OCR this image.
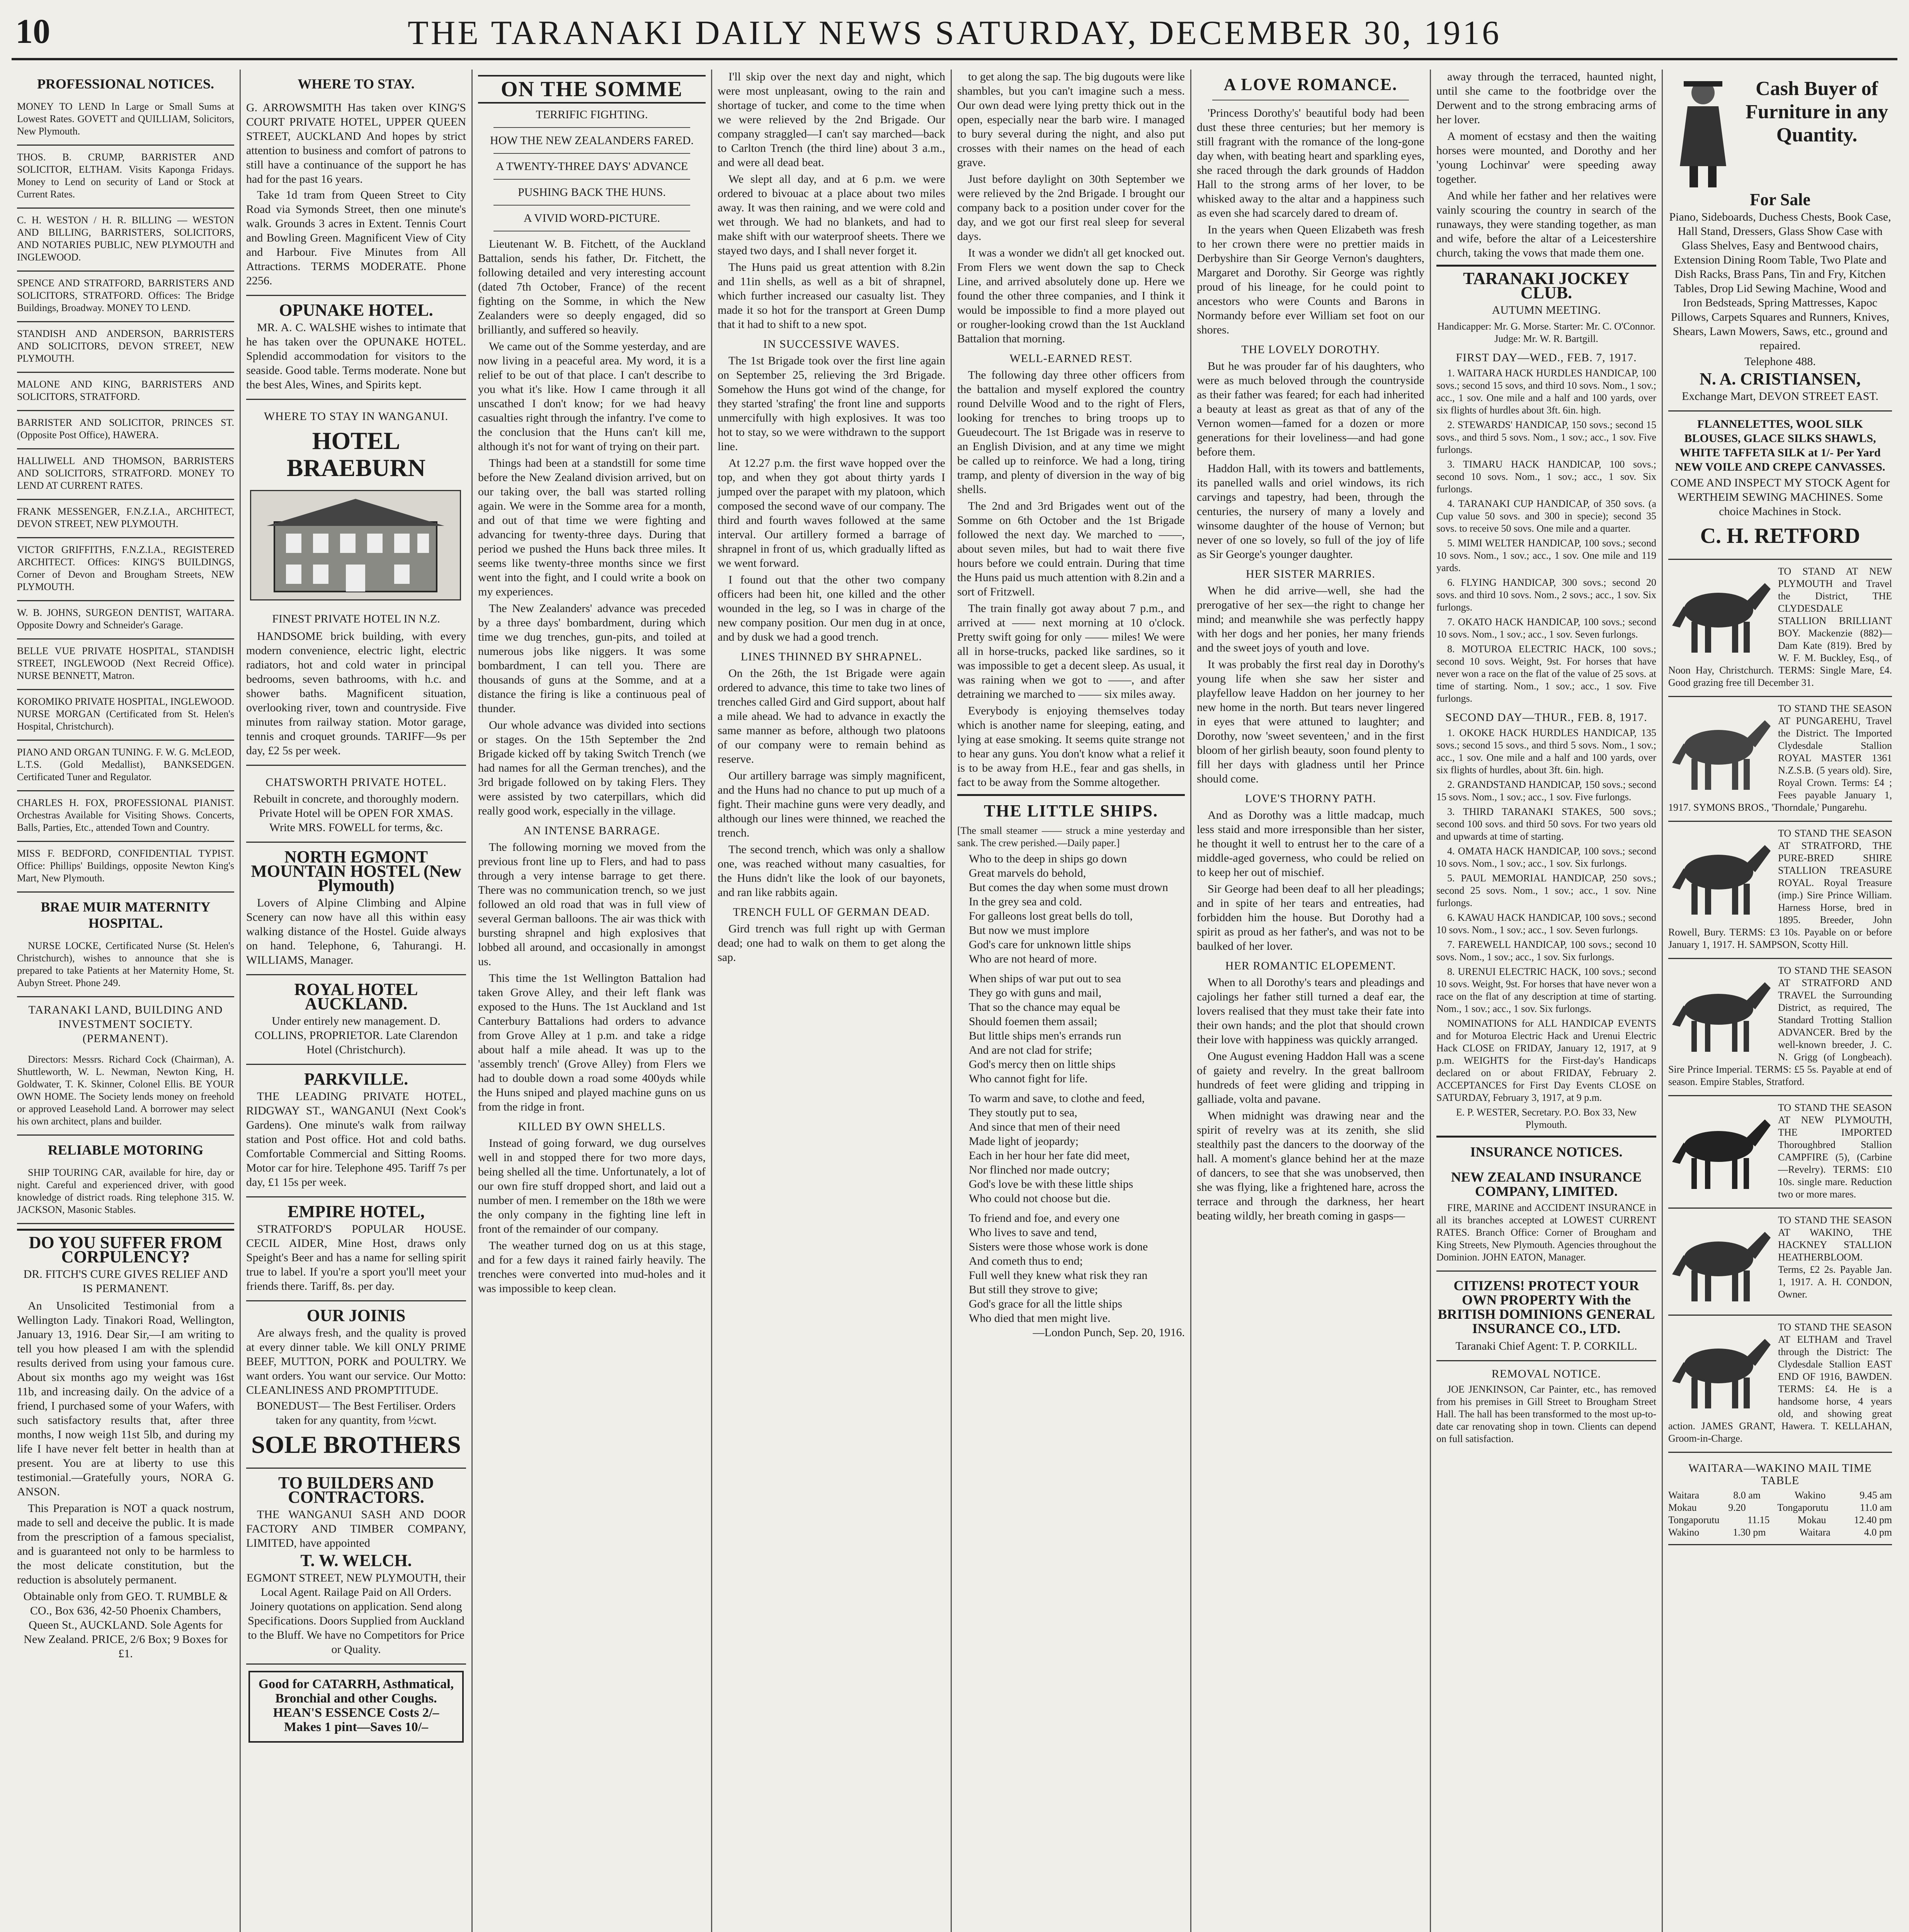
10	THE TARANAKI DAILY NEWS SATURDAY, DECEMBER 30, 1916
PROFESSIONAL NOTICES.

MONEY TO LEND In Large or Small Sums at Lowest Rates. GOVETT and QUILLIAM, Solicitors, New Plymouth.

THOS. B. CRUMP, BARRISTER AND SOLICITOR, ELTHAM. Visits Kaponga Fridays. Money to Lend on security of Land or Stock at Current Rates.

C. H. WESTON / H. R. BILLING — WESTON AND BILLING, BARRISTERS, SOLICITORS, AND NOTARIES PUBLIC, NEW PLYMOUTH and INGLEWOOD.

SPENCE AND STRATFORD, BARRISTERS AND SOLICITORS, STRATFORD. Offices: The Bridge Buildings, Broadway. MONEY TO LEND.

STANDISH AND ANDERSON, BARRISTERS AND SOLICITORS, DEVON STREET, NEW PLYMOUTH.

MALONE AND KING, BARRISTERS AND SOLICITORS, STRATFORD.

BARRISTER AND SOLICITOR, PRINCES ST. (Opposite Post Office), HAWERA.

HALLIWELL AND THOMSON, BARRISTERS AND SOLICITORS, STRATFORD. MONEY TO LEND AT CURRENT RATES.

FRANK MESSENGER, F.N.Z.I.A., ARCHITECT, DEVON STREET, NEW PLYMOUTH.

VICTOR GRIFFITHS, F.N.Z.I.A., REGISTERED ARCHITECT. Offices: KING'S BUILDINGS, Corner of Devon and Brougham Streets, NEW PLYMOUTH.

W. B. JOHNS, SURGEON DENTIST, WAITARA. Opposite Dowry and Schneider's Garage.

BELLE VUE PRIVATE HOSPITAL, STANDISH STREET, INGLEWOOD (Next Recreid Office). NURSE BENNETT, Matron.

KOROMIKO PRIVATE HOSPITAL, INGLEWOOD. NURSE MORGAN (Certificated from St. Helen's Hospital, Christchurch).

PIANO AND ORGAN TUNING. F. W. G. McLEOD, L.T.S. (Gold Medallist), BANKSEDGEN. Certificated Tuner and Regulator.

CHARLES H. FOX, PROFESSIONAL PIANIST. Orchestras Available for Visiting Shows. Concerts, Balls, Parties, Etc., attended Town and Country.

MISS F. BEDFORD, CONFIDENTIAL TYPIST. Office: Phillips' Buildings, opposite Newton King's Mart, New Plymouth.

BRAE MUIR MATERNITY HOSPITAL.

NURSE LOCKE, Certificated Nurse (St. Helen's Christchurch), wishes to announce that she is prepared to take Patients at her Maternity Home, St. Aubyn Street. Phone 249.

TARANAKI LAND, BUILDING AND INVESTMENT SOCIETY. (PERMANENT).

Directors: Messrs. Richard Cock (Chairman), A. Shuttleworth, W. L. Newman, Newton King, H. Goldwater, T. K. Skinner, Colonel Ellis. BE YOUR OWN HOME. The Society lends money on freehold or approved Leasehold Land. A borrower may select his own architect, plans and builder.

RELIABLE MOTORING

SHIP TOURING CAR, available for hire, day or night. Careful and experienced driver, with good knowledge of district roads. Ring telephone 315. W. JACKSON, Masonic Stables.

DO YOU SUFFER FROM CORPULENCY?
DR. FITCH'S CURE GIVES RELIEF AND IS PERMANENT.

An Unsolicited Testimonial from a Wellington Lady. Tinakori Road, Wellington, January 13, 1916. Dear Sir,—I am writing to tell you how pleased I am with the splendid results derived from using your famous cure. About six months ago my weight was 16st 11b, and increasing daily. On the advice of a friend, I purchased some of your Wafers, with such satisfactory results that, after three months, I now weigh 11st 5lb, and during my life I have never felt better in health than at present. You are at liberty to use this testimonial.—Gratefully yours, NORA G. ANSON.

This Preparation is NOT a quack nostrum, made to sell and deceive the public. It is made from the prescription of a famous specialist, and is guaranteed not only to be harmless to the most delicate constitution, but the reduction is absolutely permanent.

Obtainable only from GEO. T. RUMBLE & CO., Box 636, 42-50 Phoenix Chambers, Queen St., AUCKLAND. Sole Agents for New Zealand. PRICE, 2/6 Box; 9 Boxes for £1.

WHERE TO STAY.

G. ARROWSMITH Has taken over KING'S COURT PRIVATE HOTEL, UPPER QUEEN STREET, AUCKLAND And hopes by strict attention to business and comfort of patrons to still have a continuance of the support he has had for the past 16 years.

Take 1d tram from Queen Street to City Road via Symonds Street, then one minute's walk. Grounds 3 acres in Extent. Tennis Court and Bowling Green. Magnificent View of City and Harbour. Five Minutes from All Attractions. TERMS MODERATE. Phone 2256.

OPUNAKE HOTEL.

MR. A. C. WALSHE wishes to intimate that he has taken over the OPUNAKE HOTEL. Splendid accommodation for visitors to the seaside. Good table. Terms moderate. None but the best Ales, Wines, and Spirits kept.

WHERE TO STAY IN WANGANUI.
HOTEL BRAEBURN
FINEST PRIVATE HOTEL IN N.Z.

HANDSOME brick building, with every modern convenience, electric light, electric radiators, hot and cold water in principal bedrooms, seven bathrooms, with h.c. and shower baths. Magnificent situation, overlooking river, town and countryside. Five minutes from railway station. Motor garage, tennis and croquet grounds. TARIFF—9s per day, £2 5s per week.

CHATSWORTH PRIVATE HOTEL.

Rebuilt in concrete, and thoroughly modern. Private Hotel will be OPEN FOR XMAS. Write MRS. FOWELL for terms, &c.

NORTH EGMONT MOUNTAIN HOSTEL (New Plymouth)

Lovers of Alpine Climbing and Alpine Scenery can now have all this within easy walking distance of the Hostel. Guide always on hand. Telephone, 6, Tahurangi. H. WILLIAMS, Manager.

ROYAL HOTEL AUCKLAND.

Under entirely new management. D. COLLINS, PROPRIETOR. Late Clarendon Hotel (Christchurch).

PARKVILLE.

THE LEADING PRIVATE HOTEL, RIDGWAY ST., WANGANUI (Next Cook's Gardens). One minute's walk from railway station and Post office. Hot and cold baths. Comfortable Commercial and Sitting Rooms. Motor car for hire. Telephone 495. Tariff 7s per day, £1 15s per week.

EMPIRE HOTEL,

STRATFORD'S POPULAR HOUSE. CECIL AIDER, Mine Host, draws only Speight's Beer and has a name for selling spirit true to label. If you're a sport you'll meet your friends there. Tariff, 8s. per day.

OUR JOINIS

Are always fresh, and the quality is proved at every dinner table. We kill ONLY PRIME BEEF, MUTTON, PORK and POULTRY. We want orders. You want our service. Our Motto: CLEANLINESS AND PROMPTITUDE.

BONEDUST— The Best Fertiliser. Orders taken for any quantity, from ½cwt.

SOLE BROTHERS
TO BUILDERS AND CONTRACTORS.

THE WANGANUI SASH AND DOOR FACTORY AND TIMBER COMPANY, LIMITED, have appointed

T. W. WELCH.

EGMONT STREET, NEW PLYMOUTH, their Local Agent. Railage Paid on All Orders. Joinery quotations on application. Send along Specifications. Doors Supplied from Auckland to the Bluff. We have no Competitors for Price or Quality.

Good for CATARRH, Asthmatical, Bronchial and other Coughs. HEAN'S ESSENCE Costs 2/– Makes 1 pint—Saves 10/–

ON THE SOMME
TERRIFIC FIGHTING.
HOW THE NEW ZEALANDERS FARED.
A TWENTY-THREE DAYS' ADVANCE
PUSHING BACK THE HUNS.
A VIVID WORD-PICTURE.

Lieutenant W. B. Fitchett, of the Auckland Battalion, sends his father, Dr. Fitchett, the following detailed and very interesting account (dated 7th October, France) of the recent fighting on the Somme, in which the New Zealanders were so deeply engaged, did so brilliantly, and suffered so heavily.

We came out of the Somme yesterday, and are now living in a peaceful area. My word, it is a relief to be out of that place. I can't describe to you what it's like. How I came through it all unscathed I don't know; for we had heavy casualties right through the infantry. I've come to the conclusion that the Huns can't kill me, although it's not for want of trying on their part.

Things had been at a standstill for some time before the New Zealand division arrived, but on our taking over, the ball was started rolling again. We were in the Somme area for a month, and out of that time we were fighting and advancing for twenty-three days. During that period we pushed the Huns back three miles. It seems like twenty-three months since we first went into the fight, and I could write a book on my experiences.

The New Zealanders' advance was preceded by a three days' bombardment, during which time we dug trenches, gun-pits, and toiled at numerous jobs like niggers. It was some bombardment, I can tell you. There are thousands of guns at the Somme, and at a distance the firing is like a continuous peal of thunder.

Our whole advance was divided into sections or stages. On the 15th September the 2nd Brigade kicked off by taking Switch Trench (we had names for all the German trenches), and the 3rd brigade followed on by taking Flers. They were assisted by two caterpillars, which did really good work, especially in the village.

AN INTENSE BARRAGE.

The following morning we moved from the previous front line up to Flers, and had to pass through a very intense barrage to get there. There was no communication trench, so we just followed an old road that was in full view of several German balloons. The air was thick with bursting shrapnel and high explosives that lobbed all around, and occasionally in amongst us.

This time the 1st Wellington Battalion had taken Grove Alley, and their left flank was exposed to the Huns. The 1st Auckland and 1st Canterbury Battalions had orders to advance from Grove Alley at 1 p.m. and take a ridge about half a mile ahead. It was up to the 'assembly trench' (Grove Alley) from Flers we had to double down a road some 400yds while the Huns sniped and played machine guns on us from the ridge in front.

KILLED BY OWN SHELLS.

Instead of going forward, we dug ourselves well in and stopped there for two more days, being shelled all the time. Unfortunately, a lot of our own fire stuff dropped short, and laid out a number of men. I remember on the 18th we were the only company in the fighting line left in front of the remainder of our company.

The weather turned dog on us at this stage, and for a few days it rained fairly heavily. The trenches were converted into mud-holes and it was impossible to keep clean.

I'll skip over the next day and night, which were most unpleasant, owing to the rain and shortage of tucker, and come to the time when we were relieved by the 2nd Brigade. Our company straggled—I can't say marched—back to Carlton Trench (the third line) about 3 a.m., and were all dead beat.

We slept all day, and at 6 p.m. we were ordered to bivouac at a place about two miles away. It was then raining, and we were cold and wet through. We had no blankets, and had to make shift with our waterproof sheets. There we stayed two days, and I shall never forget it.

The Huns paid us great attention with 8.2in and 11in shells, as well as a bit of shrapnel, which further increased our casualty list. They made it so hot for the transport at Green Dump that it had to shift to a new spot.

IN SUCCESSIVE WAVES.

The 1st Brigade took over the first line again on September 25, relieving the 3rd Brigade. Somehow the Huns got wind of the change, for they started 'strafing' the front line and supports unmercifully with high explosives. It was too hot to stay, so we were withdrawn to the support line.

At 12.27 p.m. the first wave hopped over the top, and when they got about thirty yards I jumped over the parapet with my platoon, which composed the second wave of our company. The third and fourth waves followed at the same interval. Our artillery formed a barrage of shrapnel in front of us, which gradually lifted as we went forward.

I found out that the other two company officers had been hit, one killed and the other wounded in the leg, so I was in charge of the new company position. Our men dug in at once, and by dusk we had a good trench.

LINES THINNED BY SHRAPNEL.

On the 26th, the 1st Brigade were again ordered to advance, this time to take two lines of trenches called Gird and Gird support, about half a mile ahead. We had to advance in exactly the same manner as before, although two platoons of our company were to remain behind as reserve.

Our artillery barrage was simply magnificent, and the Huns had no chance to put up much of a fight. Their machine guns were very deadly, and although our lines were thinned, we reached the trench.

The second trench, which was only a shallow one, was reached without many casualties, for the Huns didn't like the look of our bayonets, and ran like rabbits again.

TRENCH FULL OF GERMAN DEAD.

Gird trench was full right up with German dead; one had to walk on them to get along the sap.

to get along the sap. The big dugouts were like shambles, but you can't imagine such a mess. Our own dead were lying pretty thick out in the open, especially near the barb wire. I managed to bury several during the night, and also put crosses with their names on the head of each grave.

Just before daylight on 30th September we were relieved by the 2nd Brigade. I brought our company back to a position under cover for the day, and we got our first real sleep for several days.

It was a wonder we didn't all get knocked out. From Flers we went down the sap to Check Line, and arrived absolutely done up. Here we found the other three companies, and I think it would be impossible to find a more played out or rougher-looking crowd than the 1st Auckland Battalion that morning.

WELL-EARNED REST.

The following day three other officers from the battalion and myself explored the country round Delville Wood and to the right of Flers, looking for trenches to bring troops up to Gueudecourt. The 1st Brigade was in reserve to an English Division, and at any time we might be called up to reinforce. We had a long, tiring tramp, and plenty of diversion in the way of big shells.

The 2nd and 3rd Brigades went out of the Somme on 6th October and the 1st Brigade followed the next day. We marched to ——, about seven miles, but had to wait there five hours before we could entrain. During that time the Huns paid us much attention with 8.2in and a sort of Fritzwell.

The train finally got away about 7 p.m., and arrived at —— next morning at 10 o'clock. Pretty swift going for only —— miles! We were all in horse-trucks, packed like sardines, so it was impossible to get a decent sleep. As usual, it was raining when we got to ——, and after detraining we marched to —— six miles away.

Everybody is enjoying themselves today which is another name for sleeping, eating, and lying at ease smoking. It seems quite strange not to hear any guns. You don't know what a relief it is to be away from H.E., fear and gas shells, in fact to be away from the Somme altogether.

THE LITTLE SHIPS.

[The small steamer —— struck a mine yesterday and sank. The crew perished.—Daily paper.]

Who to the deep in ships go down
Great marvels do behold,
But comes the day when some must drown
In the grey sea and cold.
For galleons lost great bells do toll,
But now we must implore
God's care for unknown little ships
Who are not heard of more.
When ships of war put out to sea
They go with guns and mail,
That so the chance may equal be
Should foemen them assail;
But little ships men's errands run
And are not clad for strife;
God's mercy then on little ships
Who cannot fight for life.
To warm and save, to clothe and feed,
They stoutly put to sea,
And since that men of their need
Made light of jeopardy;
Each in her hour her fate did meet,
Nor flinched nor made outcry;
God's love be with these little ships
Who could not choose but die.
To friend and foe, and every one
Who lives to save and tend,
Sisters were those whose work is done
And cometh thus to end;
Full well they knew what risk they ran
But still they strove to give;
God's grace for all the little ships
Who died that men might live.

—London Punch, Sep. 20, 1916.

A LOVE ROMANCE.

'Princess Dorothy's' beautiful body had been dust these three centuries; but her memory is still fragrant with the romance of the long-gone day when, with beating heart and sparkling eyes, she raced through the dark grounds of Haddon Hall to the strong arms of her lover, to be whisked away to the altar and a happiness such as even she had scarcely dared to dream of.

In the years when Queen Elizabeth was fresh to her crown there were no prettier maids in Derbyshire than Sir George Vernon's daughters, Margaret and Dorothy. Sir George was rightly proud of his lineage, for he could point to ancestors who were Counts and Barons in Normandy before ever William set foot on our shores.

THE LOVELY DOROTHY.

But he was prouder far of his daughters, who were as much beloved through the countryside as their father was feared; for each had inherited a beauty at least as great as that of any of the Vernon women—famed for a dozen or more generations for their loveliness—and had gone before them.

Haddon Hall, with its towers and battlements, its panelled walls and oriel windows, its rich carvings and tapestry, had been, through the centuries, the nursery of many a lovely and winsome daughter of the house of Vernon; but never of one so lovely, so full of the joy of life as Sir George's younger daughter.

HER SISTER MARRIES.

When he did arrive—well, she had the prerogative of her sex—the right to change her mind; and meanwhile she was perfectly happy with her dogs and her ponies, her many friends and the sweet joys of youth and love.

It was probably the first real day in Dorothy's young life when she saw her sister and playfellow leave Haddon on her journey to her new home in the north. But tears never lingered in eyes that were attuned to laughter; and Dorothy, now 'sweet seventeen,' and in the first bloom of her girlish beauty, soon found plenty to fill her days with gladness until her Prince should come.

LOVE'S THORNY PATH.

And as Dorothy was a little madcap, much less staid and more irresponsible than her sister, he thought it well to entrust her to the care of a middle-aged governess, who could be relied on to keep her out of mischief.

Sir George had been deaf to all her pleadings; and in spite of her tears and entreaties, had forbidden him the house. But Dorothy had a spirit as proud as her father's, and was not to be baulked of her lover.

HER ROMANTIC ELOPEMENT.

When to all Dorothy's tears and pleadings and cajolings her father still turned a deaf ear, the lovers realised that they must take their fate into their own hands; and the plot that should crown their love with happiness was quickly arranged.

One August evening Haddon Hall was a scene of gaiety and revelry. In the great ballroom hundreds of feet were gliding and tripping in galliade, volta and pavane.

When midnight was drawing near and the spirit of revelry was at its zenith, she slid stealthily past the dancers to the doorway of the hall. A moment's glance behind her at the maze of dancers, to see that she was unobserved, then she was flying, like a frightened hare, across the terrace and through the darkness, her heart beating wildly, her breath coming in gasps—

away through the terraced, haunted night, until she came to the footbridge over the Derwent and to the strong embracing arms of her lover.

A moment of ecstasy and then the waiting horses were mounted, and Dorothy and her 'young Lochinvar' were speeding away together.

And while her father and her relatives were vainly scouring the country in search of the runaways, they were standing together, as man and wife, before the altar of a Leicestershire church, taking the vows that made them one.

TARANAKI JOCKEY CLUB.
AUTUMN MEETING.

Handicapper: Mr. G. Morse. Starter: Mr. C. O'Connor. Judge: Mr. W. R. Bartgill.

FIRST DAY—WED., FEB. 7, 1917.

1. WAITARA HACK HURDLES HANDICAP, 100 sovs.; second 15 sovs, and third 10 sovs. Nom., 1 sov.; acc., 1 sov. One mile and a half and 100 yards, over six flights of hurdles about 3ft. 6in. high.

2. STEWARDS' HANDICAP, 150 sovs.; second 15 sovs., and third 5 sovs. Nom., 1 sov.; acc., 1 sov. Five furlongs.

3. TIMARU HACK HANDICAP, 100 sovs.; second 10 sovs. Nom., 1 sov.; acc., 1 sov. Six furlongs.

4. TARANAKI CUP HANDICAP, of 350 sovs. (a Cup value 50 sovs. and 300 in specie); second 35 sovs. to receive 50 sovs. One mile and a quarter.

5. MIMI WELTER HANDICAP, 100 sovs.; second 10 sovs. Nom., 1 sov.; acc., 1 sov. One mile and 119 yards.

6. FLYING HANDICAP, 300 sovs.; second 20 sovs. and third 10 sovs. Nom., 2 sovs.; acc., 1 sov. Six furlongs.

7. OKATO HACK HANDICAP, 100 sovs.; second 10 sovs. Nom., 1 sov.; acc., 1 sov. Seven furlongs.

8. MOTUROA ELECTRIC HACK, 100 sovs.; second 10 sovs. Weight, 9st. For horses that have never won a race on the flat of the value of 25 sovs. at time of starting. Nom., 1 sov.; acc., 1 sov. Five furlongs.

SECOND DAY—THUR., FEB. 8, 1917.

1. OKOKE HACK HURDLES HANDICAP, 135 sovs.; second 15 sovs., and third 5 sovs. Nom., 1 sov.; acc., 1 sov. One mile and a half and 100 yards, over six flights of hurdles, about 3ft. 6in. high.

2. GRANDSTAND HANDICAP, 150 sovs.; second 15 sovs. Nom., 1 sov.; acc., 1 sov. Five furlongs.

3. THIRD TARANAKI STAKES, 500 sovs.; second 100 sovs. and third 50 sovs. For two years old and upwards at time of starting.

4. OMATA HACK HANDICAP, 100 sovs.; second 10 sovs. Nom., 1 sov.; acc., 1 sov. Six furlongs.

5. PAUL MEMORIAL HANDICAP, 250 sovs.; second 25 sovs. Nom., 1 sov.; acc., 1 sov. Nine furlongs.

6. KAWAU HACK HANDICAP, 100 sovs.; second 10 sovs. Nom., 1 sov.; acc., 1 sov. Seven furlongs.

7. FAREWELL HANDICAP, 100 sovs.; second 10 sovs. Nom., 1 sov.; acc., 1 sov. Six furlongs.

8. URENUI ELECTRIC HACK, 100 sovs.; second 10 sovs. Weight, 9st. For horses that have never won a race on the flat of any description at time of starting. Nom., 1 sov.; acc., 1 sov. Six furlongs.

NOMINATIONS for ALL HANDICAP EVENTS and for Moturoa Electric Hack and Urenui Electric Hack CLOSE on FRIDAY, January 12, 1917, at 9 p.m. WEIGHTS for the First-day's Handicaps declared on or about FRIDAY, February 2. ACCEPTANCES for First Day Events CLOSE on SATURDAY, February 3, 1917, at 9 p.m.

E. P. WESTER, Secretary. P.O. Box 33, New Plymouth.

INSURANCE NOTICES.
NEW ZEALAND INSURANCE COMPANY, LIMITED.

FIRE, MARINE and ACCIDENT INSURANCE in all its branches accepted at LOWEST CURRENT RATES. Branch Office: Corner of Brougham and King Streets, New Plymouth. Agencies throughout the Dominion. JOHN EATON, Manager.

CITIZENS! PROTECT YOUR OWN PROPERTY With the BRITISH DOMINIONS GENERAL INSURANCE CO., LTD.

Taranaki Chief Agent: T. P. CORKILL.

REMOVAL NOTICE.

JOE JENKINSON, Car Painter, etc., has removed from his premises in Gill Street to Brougham Street Hall. The hall has been transformed to the most up-to-date car renovating shop in town. Clients can depend on full satisfaction.

Cash Buyer of Furniture in any Quantity.
For Sale

Piano, Sideboards, Duchess Chests, Book Case, Hall Stand, Dressers, Glass Show Case with Glass Shelves, Easy and Bentwood chairs, Extension Dining Room Table, Two Plate and Dish Racks, Brass Pans, Tin and Fry, Kitchen Tables, Drop Lid Sewing Machine, Wood and Iron Bedsteads, Spring Mattresses, Kapoc Pillows, Carpets Squares and Runners, Knives, Shears, Lawn Mowers, Saws, etc., ground and repaired.

Telephone 488.

N. A. CRISTIANSEN,

Exchange Mart, DEVON STREET EAST.

FLANNELETTES, WOOL SILK BLOUSES, GLACE SILKS SHAWLS, WHITE TAFFETA SILK at 1/- Per Yard NEW VOILE AND CREPE CANVASSES.

COME AND INSPECT MY STOCK Agent for WERTHEIM SEWING MACHINES. Some choice Machines in Stock.

C. H. RETFORD

TO STAND AT NEW PLYMOUTH and Travel the District, THE CLYDESDALE STALLION BRILLIANT BOY. Mackenzie (882)—Dam Kate (819). Bred by W. F. M. Buckley, Esq., of Noon Hay, Christchurch. TERMS: Single Mare, £4. Good grazing free till December 31.

TO STAND THE SEASON AT PUNGAREHU, Travel the District. The Imported Clydesdale Stallion ROYAL MASTER 1361 N.Z.S.B. (5 years old). Sire, Royal Crown. Terms: £4 ; Fees payable January 1, 1917. SYMONS BROS., 'Thorndale,' Pungarehu.

TO STAND THE SEASON AT STRATFORD, THE PURE-BRED SHIRE STALLION TREASURE ROYAL. Royal Treasure (imp.) Sire Prince William. Harness Horse, bred in 1895. Breeder, John Rowell, Bury. TERMS: £3 10s. Payable on or before January 1, 1917. H. SAMPSON, Scotty Hill.

TO STAND THE SEASON AT STRATFORD AND TRAVEL the Surrounding District, as required, The Standard Trotting Stallion ADVANCER. Bred by the well-known breeder, J. C. N. Grigg (of Longbeach). Sire Prince Imperial. TERMS: £5 5s. Payable at end of season. Empire Stables, Stratford.

TO STAND THE SEASON AT NEW PLYMOUTH, THE IMPORTED Thoroughbred Stallion CAMPFIRE (5), (Carbine—Revelry). TERMS: £10 10s. single mare. Reduction two or more mares.

TO STAND THE SEASON AT WAKINO, THE HACKNEY STALLION HEATHERBLOOM. Terms, £2 2s. Payable Jan. 1, 1917. A. H. CONDON, Owner.

TO STAND THE SEASON AT ELTHAM and Travel through the District: The Clydesdale Stallion EAST END OF 1916, BAWDEN. TERMS: £4. He is a handsome horse, 4 years old, and showing great action. JAMES GRANT, Hawera. T. KELLAHAN, Groom-in-Charge.

WAITARA—WAKINO MAIL TIME TABLE
Waitara	8.0 am	Wakino	9.45 am
Mokau	9.20	Tongaporutu	11.0 am
Tongaporutu	11.15	Mokau	12.40 pm
Wakino	1.30 pm	Waitara	4.0 pm
